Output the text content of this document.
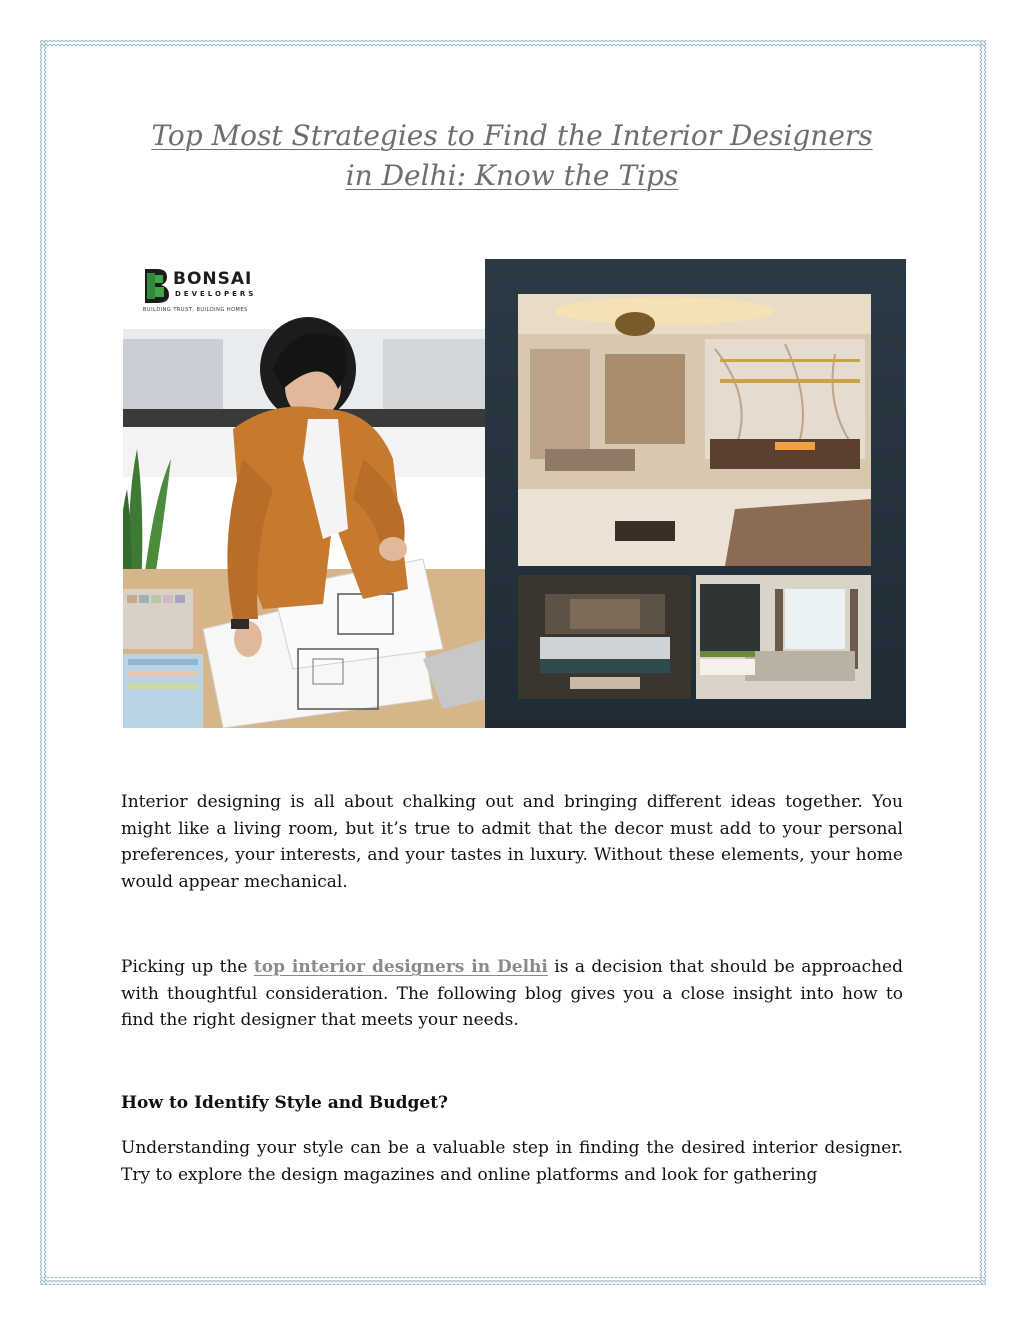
Top Most Strategies to Find the Interior Designers in Delhi: Know the Tips
BONSAI
DEVELOPERS
BUILDING TRUST, BUILDING HOMES

Interior designing is all about chalking out and bringing different ideas together. You might like a living room, but it’s true to admit that the decor must add to your personal preferences, your interests, and your tastes in luxury. Without these elements, your home would appear mechanical.

Picking up the top interior designers in Delhi is a decision that should be approached with thoughtful consideration. The following blog gives you a close insight into how to find the right designer that meets your needs.

How to Identify Style and Budget?

Understanding your style can be a valuable step in finding the desired interior designer. Try to explore the design magazines and online platforms and look for gathering
